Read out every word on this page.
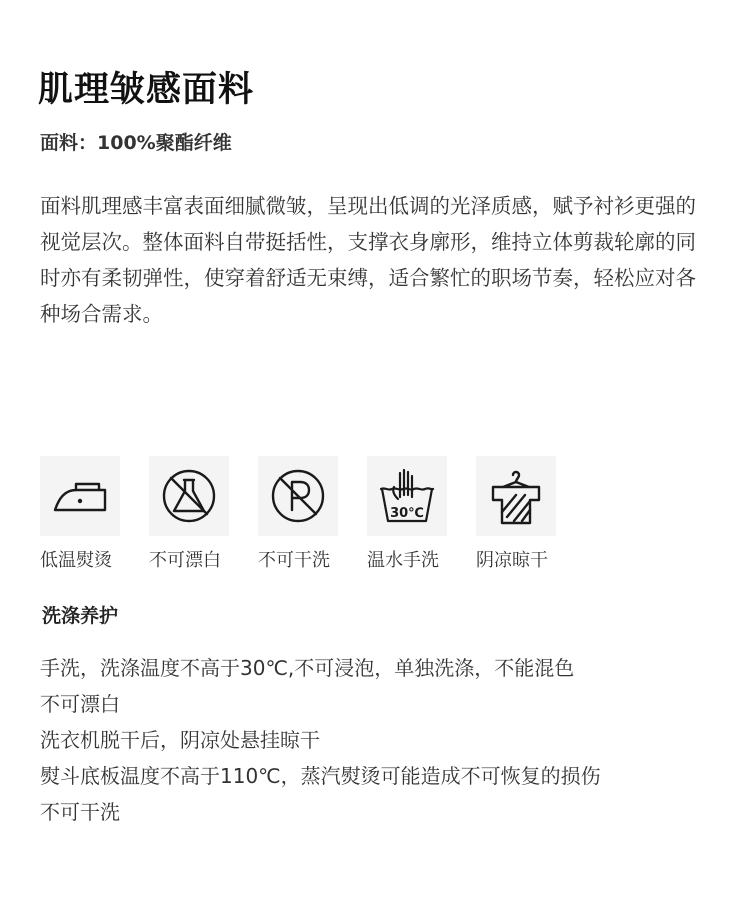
肌理皱感面料
面料：100%聚酯纤维
面料肌理感丰富表面细腻微皱，呈现出低调的光泽质感，赋予衬衫更强的视觉层次。整体面料自带挺括性，支撑衣身廓形，维持立体剪裁轮廓的同时亦有柔韧弹性，使穿着舒适无束缚，适合繁忙的职场节奏，轻松应对各种场合需求。
低温熨烫 不可漂白 不可干洗
30℃
温水手洗 阴凉晾干
洗涤养护
手洗，洗涤温度不高于30℃,不可浸泡，单独洗涤，不能混色
不可漂白
洗衣机脱干后，阴凉处悬挂晾干
熨斗底板温度不高于110℃，蒸汽熨烫可能造成不可恢复的损伤
不可干洗
